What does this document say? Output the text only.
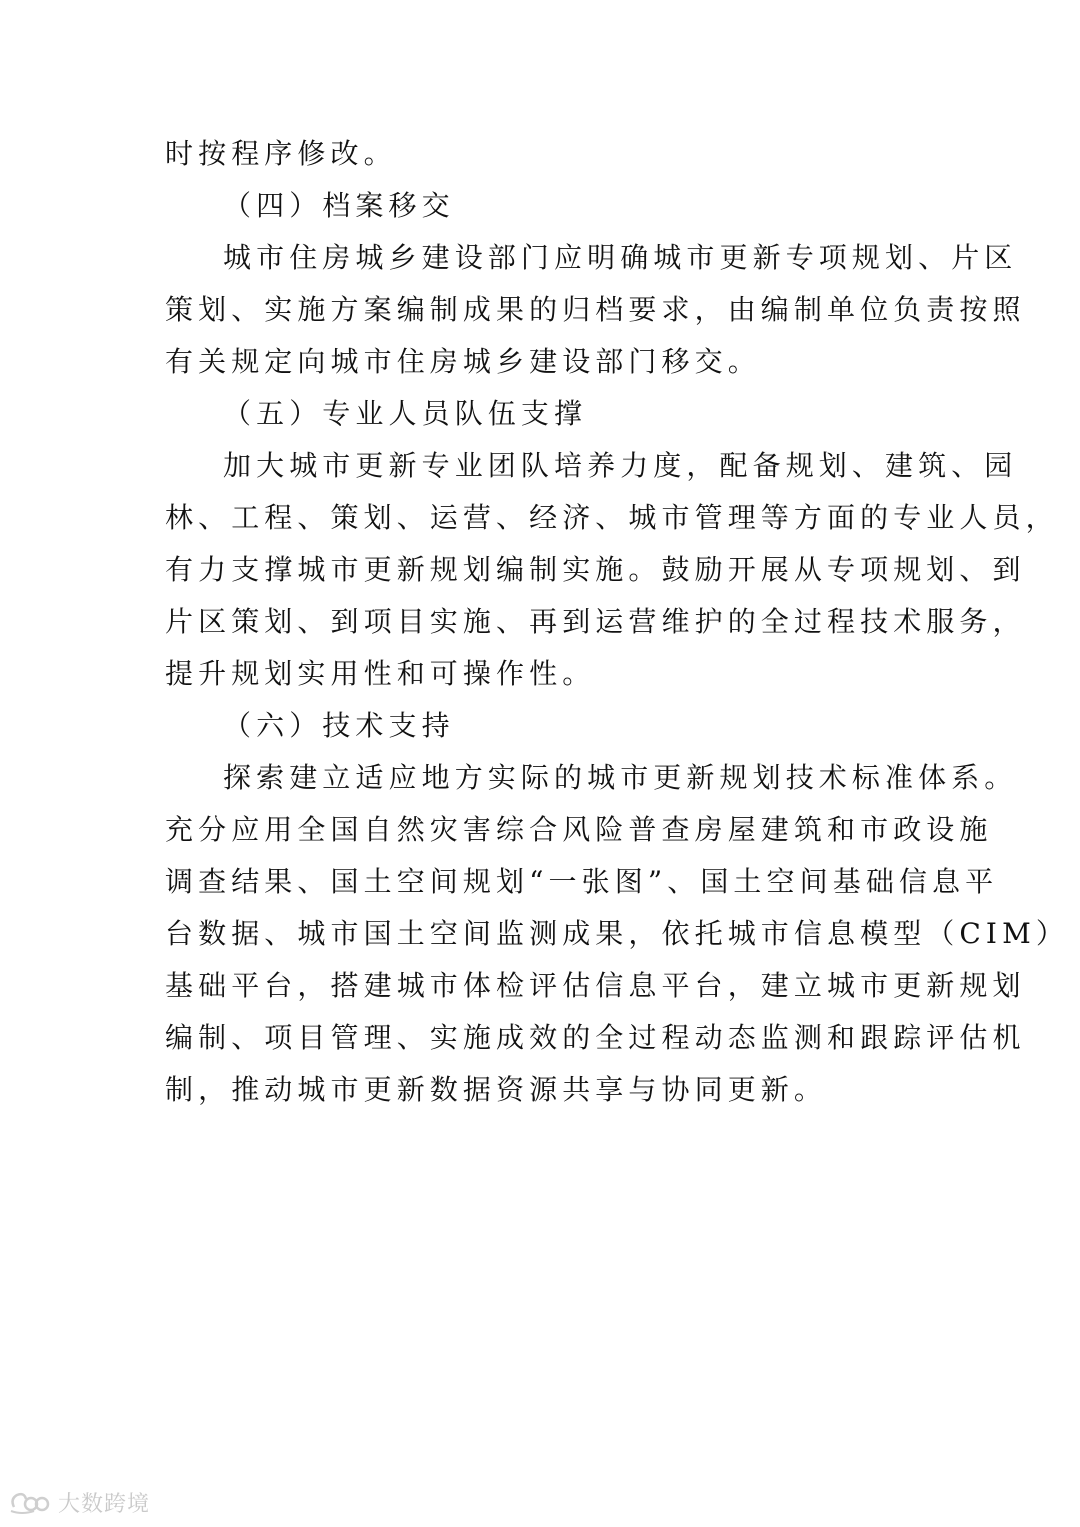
时按程序修改。
（四）档案移交
城市住房城乡建设部门应明确城市更新专项规划、片区
策划、实施方案编制成果的归档要求，由编制单位负责按照
有关规定向城市住房城乡建设部门移交。
（五）专业人员队伍支撑
加大城市更新专业团队培养力度，配备规划、建筑、园
林、工程、策划、运营、经济、城市管理等方面的专业人员，
有力支撑城市更新规划编制实施。鼓励开展从专项规划、到
片区策划、到项目实施、再到运营维护的全过程技术服务，
提升规划实用性和可操作性。
（六）技术支持
探索建立适应地方实际的城市更新规划技术标准体系。
充分应用全国自然灾害综合风险普查房屋建筑和市政设施
调查结果、国土空间规划“一张图”、国土空间基础信息平
台数据、城市国土空间监测成果，依托城市信息模型（CIM）
基础平台，搭建城市体检评估信息平台，建立城市更新规划
编制、项目管理、实施成效的全过程动态监测和跟踪评估机
制，推动城市更新数据资源共享与协同更新。
大数跨境
